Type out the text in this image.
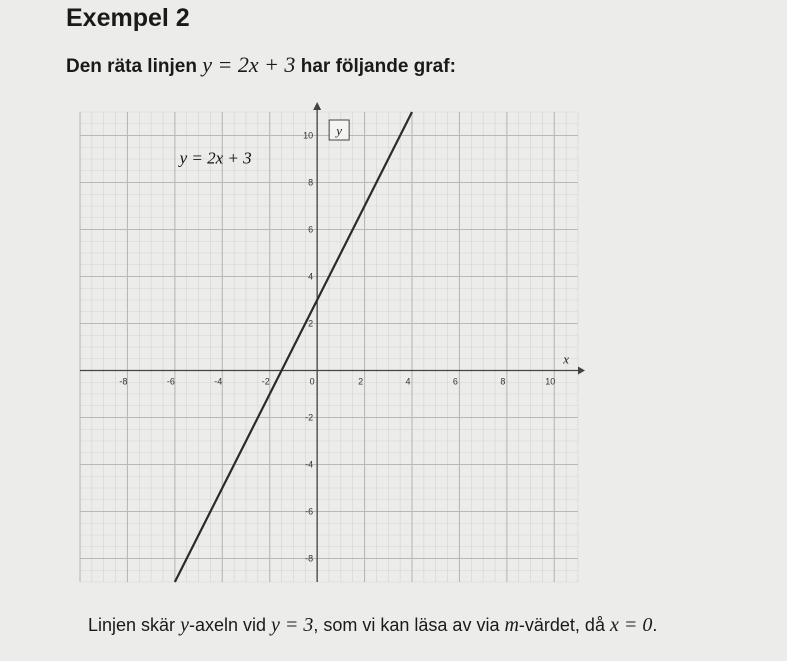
Exempel 2

Den räta linjen y = 2x + 3 har följande graf:

-8	-6	-4	-2	0	2	4	6	8	10
-8
-6
-4
-2
2
4
6
8
10
x
y
y = 2x + 3

Linjen skär y-axeln vid y = 3, som vi kan läsa av via m-värdet, då x = 0.
